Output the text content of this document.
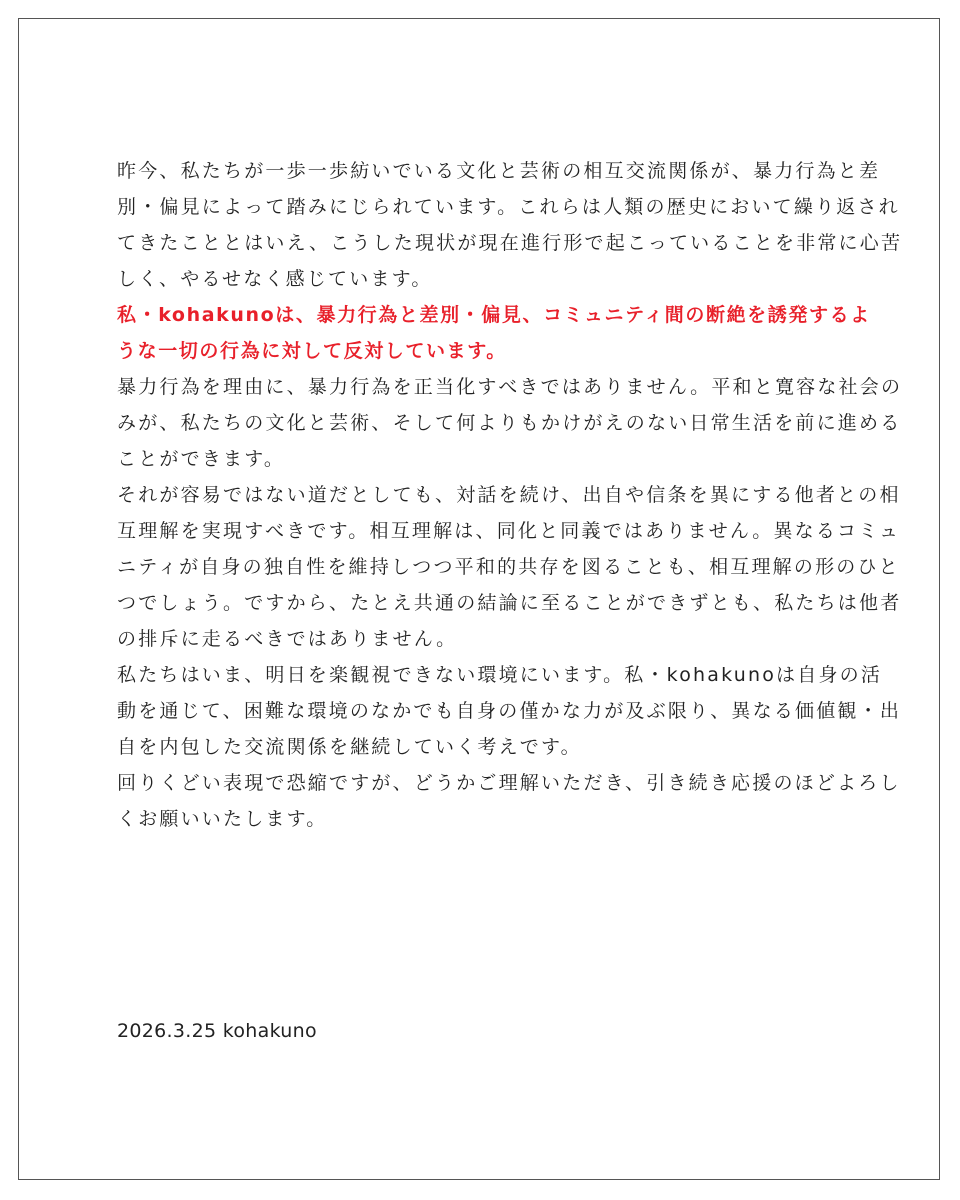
昨今、私たちが一歩一歩紡いでいる文化と芸術の相互交流関係が、暴力行為と差
別・偏見によって踏みにじられています。これらは人類の歴史において繰り返され
てきたこととはいえ、こうした現状が現在進行形で起こっていることを非常に心苦
しく、やるせなく感じています。
私・kohakunoは、暴力行為と差別・偏見、コミュニティ間の断絶を誘発するよ
うな一切の行為に対して反対しています。
暴力行為を理由に、暴力行為を正当化すべきではありません。平和と寛容な社会の
みが、私たちの文化と芸術、そして何よりもかけがえのない日常生活を前に進める
ことができます。
それが容易ではない道だとしても、対話を続け、出自や信条を異にする他者との相
互理解を実現すべきです。相互理解は、同化と同義ではありません。異なるコミュ
ニティが自身の独自性を維持しつつ平和的共存を図ることも、相互理解の形のひと
つでしょう。ですから、たとえ共通の結論に至ることができずとも、私たちは他者
の排斥に走るべきではありません。
私たちはいま、明日を楽観視できない環境にいます。私・kohakunoは自身の活
動を通じて、困難な環境のなかでも自身の僅かな力が及ぶ限り、異なる価値観・出
自を内包した交流関係を継続していく考えです。
回りくどい表現で恐縮ですが、どうかご理解いただき、引き続き応援のほどよろし
くお願いいたします。
2026.3.25 kohakuno
